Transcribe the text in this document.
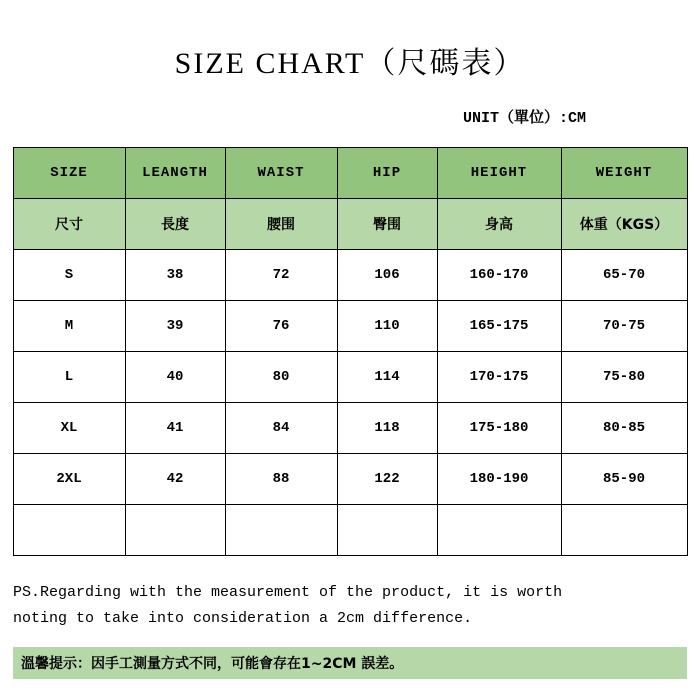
SIZE CHART（尺碼表）
UNIT（單位）:CM
SIZE	LEANGTH	WAIST	HIP	HEIGHT	WEIGHT
尺寸	長度	腰围	臀围	身高	体重（KGS）
S	38	72	106	160-170	65-70
M	39	76	110	165-175	70-75
L	40	80	114	170-175	75-80
XL	41	84	118	175-180	80-85
2XL	42	88	122	180-190	85-90

PS.Regarding with the measurement of the product, it is worth
noting to take into consideration a 2cm difference.
溫馨提示：因手工測量方式不同，可能會存在1~2CM 誤差。
